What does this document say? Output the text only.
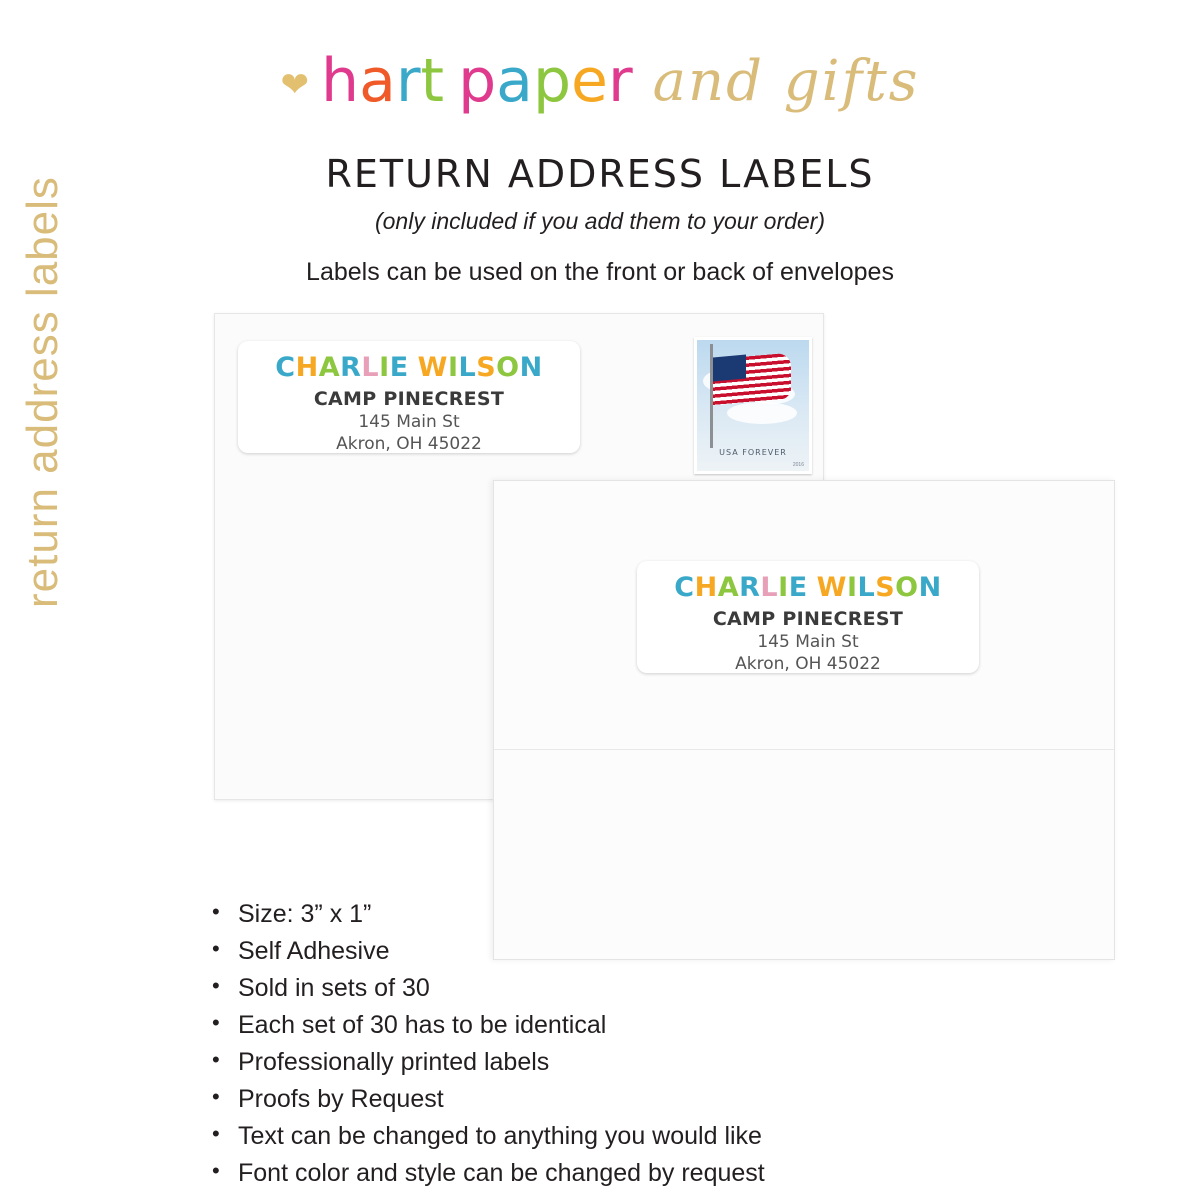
❤ hart paper and gifts
RETURN ADDRESS LABELS
(only included if you add them to your order)
Labels can be used on the front or back of envelopes
return address labels	CHARLIE WILSON
CAMP PINECREST
145 Main St
Akron, OH 45022	USA FOREVER
2016
CHARLIE WILSON
CAMP PINECREST
145 Main St
Akron, OH 45022
• Size: 3” x 1”
• Self Adhesive
• Sold in sets of 30
• Each set of 30 has to be identical
• Professionally printed labels
• Proofs by Request
• Text can be changed to anything you would like
• Font color and style can be changed by request
